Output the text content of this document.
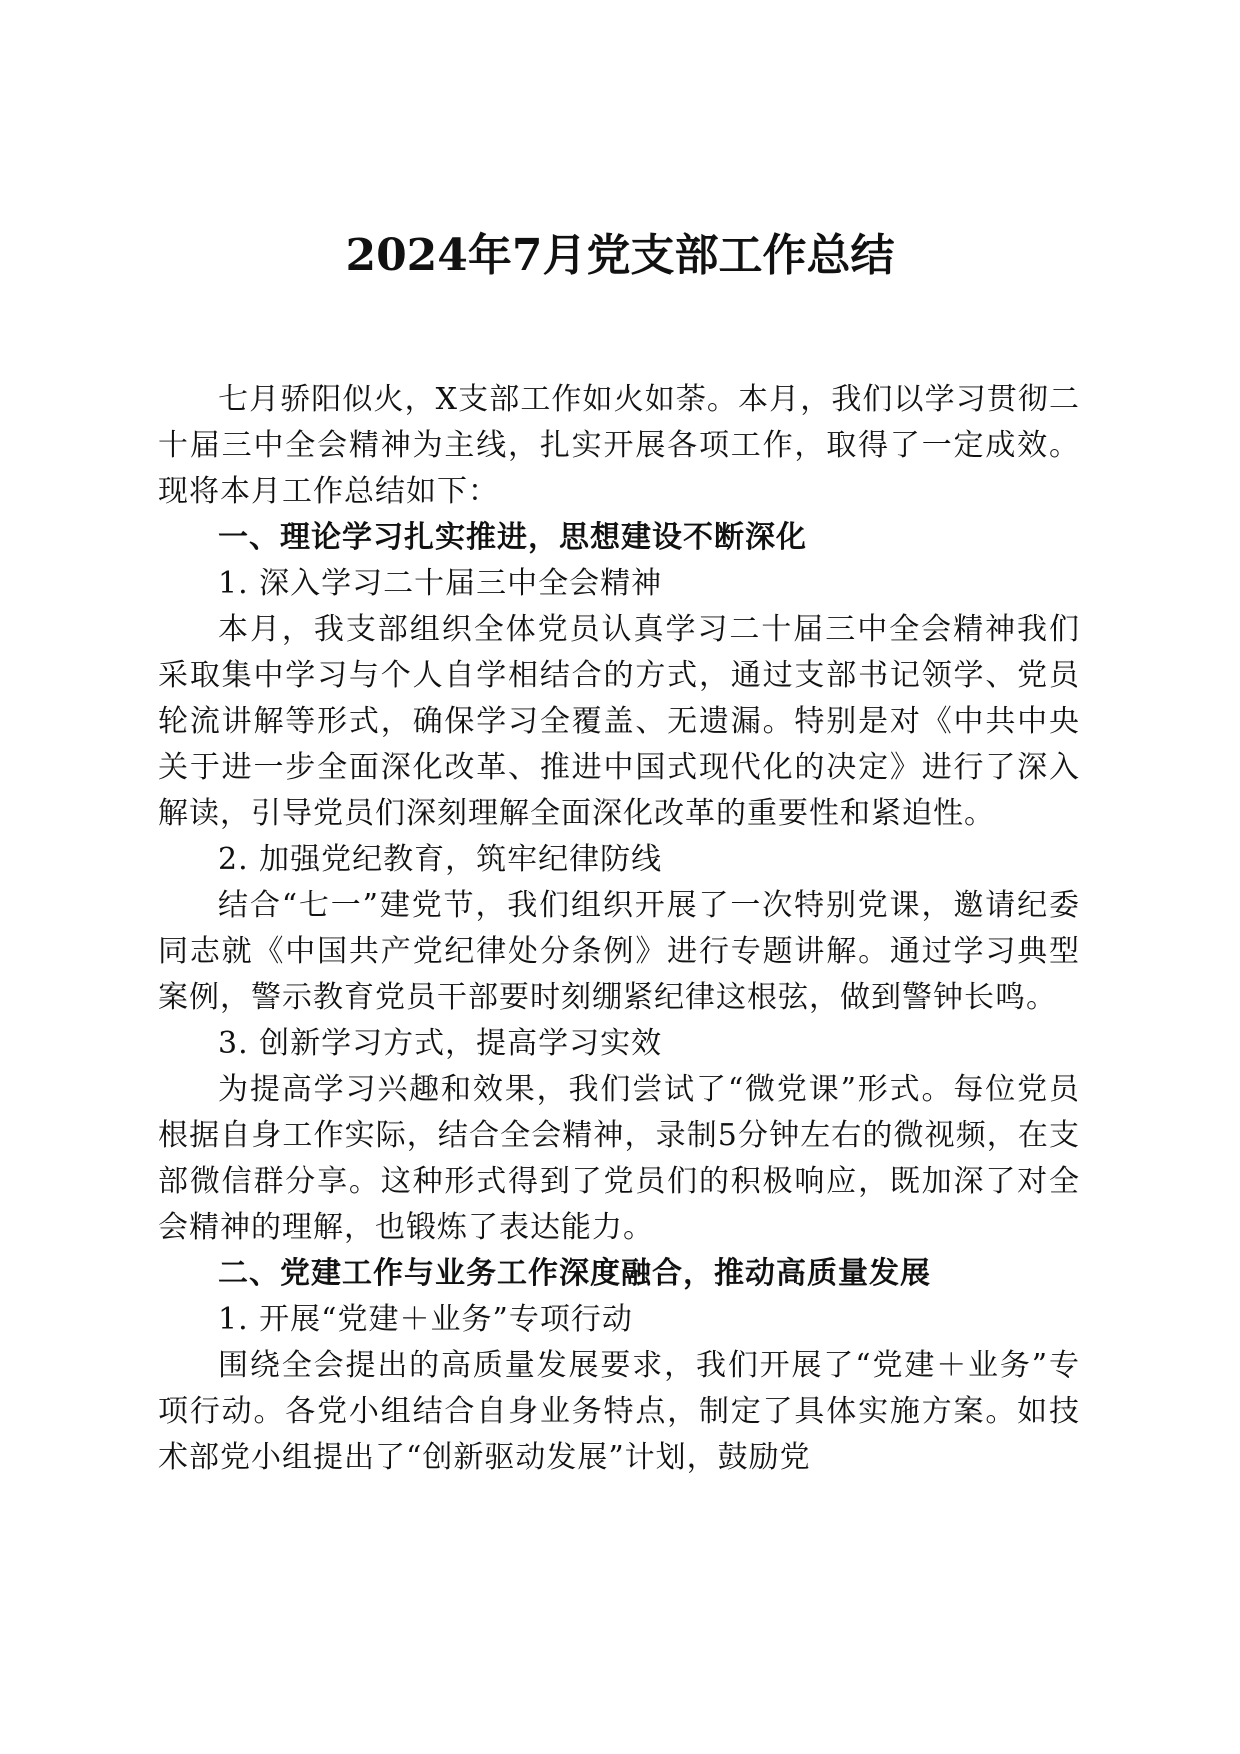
2024年7月党支部工作总结

七月骄阳似火，X支部工作如火如荼。本月，我们以学习贯彻二十届三中全会精神为主线，扎实开展各项工作，取得了一定成效。现将本月工作总结如下：

一、理论学习扎实推进，思想建设不断深化

1. 深入学习二十届三中全会精神

本月，我支部组织全体党员认真学习二十届三中全会精神我们采取集中学习与个人自学相结合的方式，通过支部书记领学、党员轮流讲解等形式，确保学习全覆盖、无遗漏。特别是对《中共中央关于进一步全面深化改革、推进中国式现代化的决定》进行了深入解读，引导党员们深刻理解全面深化改革的重要性和紧迫性。

2. 加强党纪教育，筑牢纪律防线

结合“七一”建党节，我们组织开展了一次特别党课，邀请纪委同志就《中国共产党纪律处分条例》进行专题讲解。通过学习典型案例，警示教育党员干部要时刻绷紧纪律这根弦，做到警钟长鸣。

3. 创新学习方式，提高学习实效

为提高学习兴趣和效果，我们尝试了“微党课”形式。每位党员根据自身工作实际，结合全会精神，录制5分钟左右的微视频，在支部微信群分享。这种形式得到了党员们的积极响应，既加深了对全会精神的理解，也锻炼了表达能力。

二、党建工作与业务工作深度融合，推动高质量发展

1. 开展“党建＋业务”专项行动

围绕全会提出的高质量发展要求，我们开展了“党建＋业务”专项行动。各党小组结合自身业务特点，制定了具体实施方案。如技术部党小组提出了“创新驱动发展”计划，鼓励党
